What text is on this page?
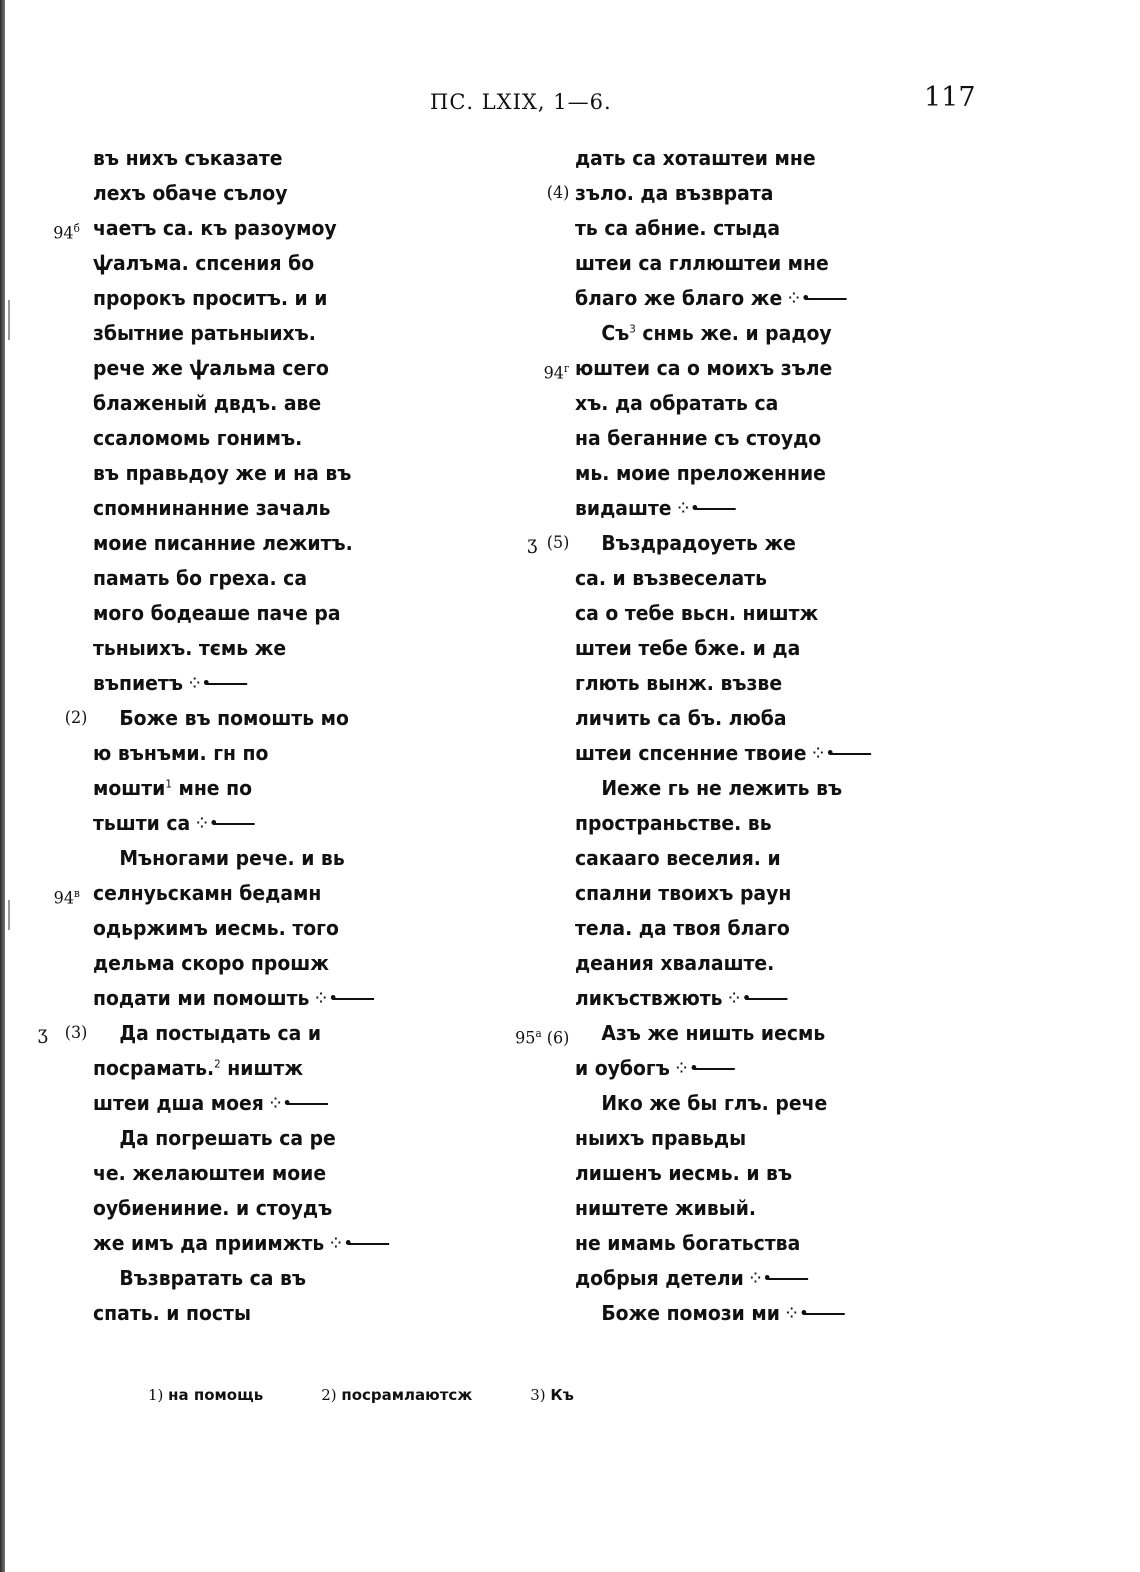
ПС. LXIX, 1—6.	117
въ нихъ съказате
лехъ обаче сълоу
$94^б$ чаетъ са. къ разоумоу
ѱалъма. спсения бо
пророкъ проситъ. и и
збытние ратьныихъ.
рече же ѱальма сего
блаженый двдъ. аве
ссаломомь гонимъ.
въ правьдоу же и на въ
спомнинанние зачаль
моие писанние лежитъ.
памать бо греха. са
мого бодеаше паче ра
тьныихъ. тємь же
въпиетъ ⁘
(2) Боже въ помошть мо
ю вънъми. гн по
мошти$^1$ мне по
тьшти са ⁘
Мъногами рече. и вь
$94^в$ селнуьскамн бедамн
одьржимъ иесмь. того
дельма скоро прошж
подати ми помошть ⁘
ʒ (3) Да постыдать са и
посрамать.$^2$ ништж
штеи дша моея ⁘
Да погрешать са ре
че. желаюштеи моие
оубиениние. и стоудъ
же имъ да приимжть ⁘
Възвратать са въ
спать. и посты
дать са хоташтеи мне
(4) зъло. да възврата
ть са абние. стыда
штеи са гллюштеи мне
благо же благо же ⁘
Съ$^3$ снмь же. и радоу
$94^г$ юштеи са о моихъ зъле
хъ. да обратать са
на беганние съ стоудо
мь. моие преложенние
видаште ⁘
ʒ (5) Въздрадоуеть же
са. и възвеселать
са о тебе вьсн. ништж
штеи тебе бже. и да
глють вынж. възве
личить са бъ. люба
штеи спсенние твоие ⁘
Иеже гь не лежить въ
пространьстве. вь
сакааго веселия. и
спални твоихъ раун
тела. да твоя благо
деания хвалаште.
ликъствжють ⁘
$95^а$ (6) Азъ же ништь иесмь
и оубогъ ⁘
Ико же бы глъ. рече
ныихъ правьды
лишенъ иесмь. и въ
ништете живый.
не имамь богатьства
добрыя детели ⁘
Боже помози ми ⁘
1) на помощь	2) посрамлаютсж	3) Къ
